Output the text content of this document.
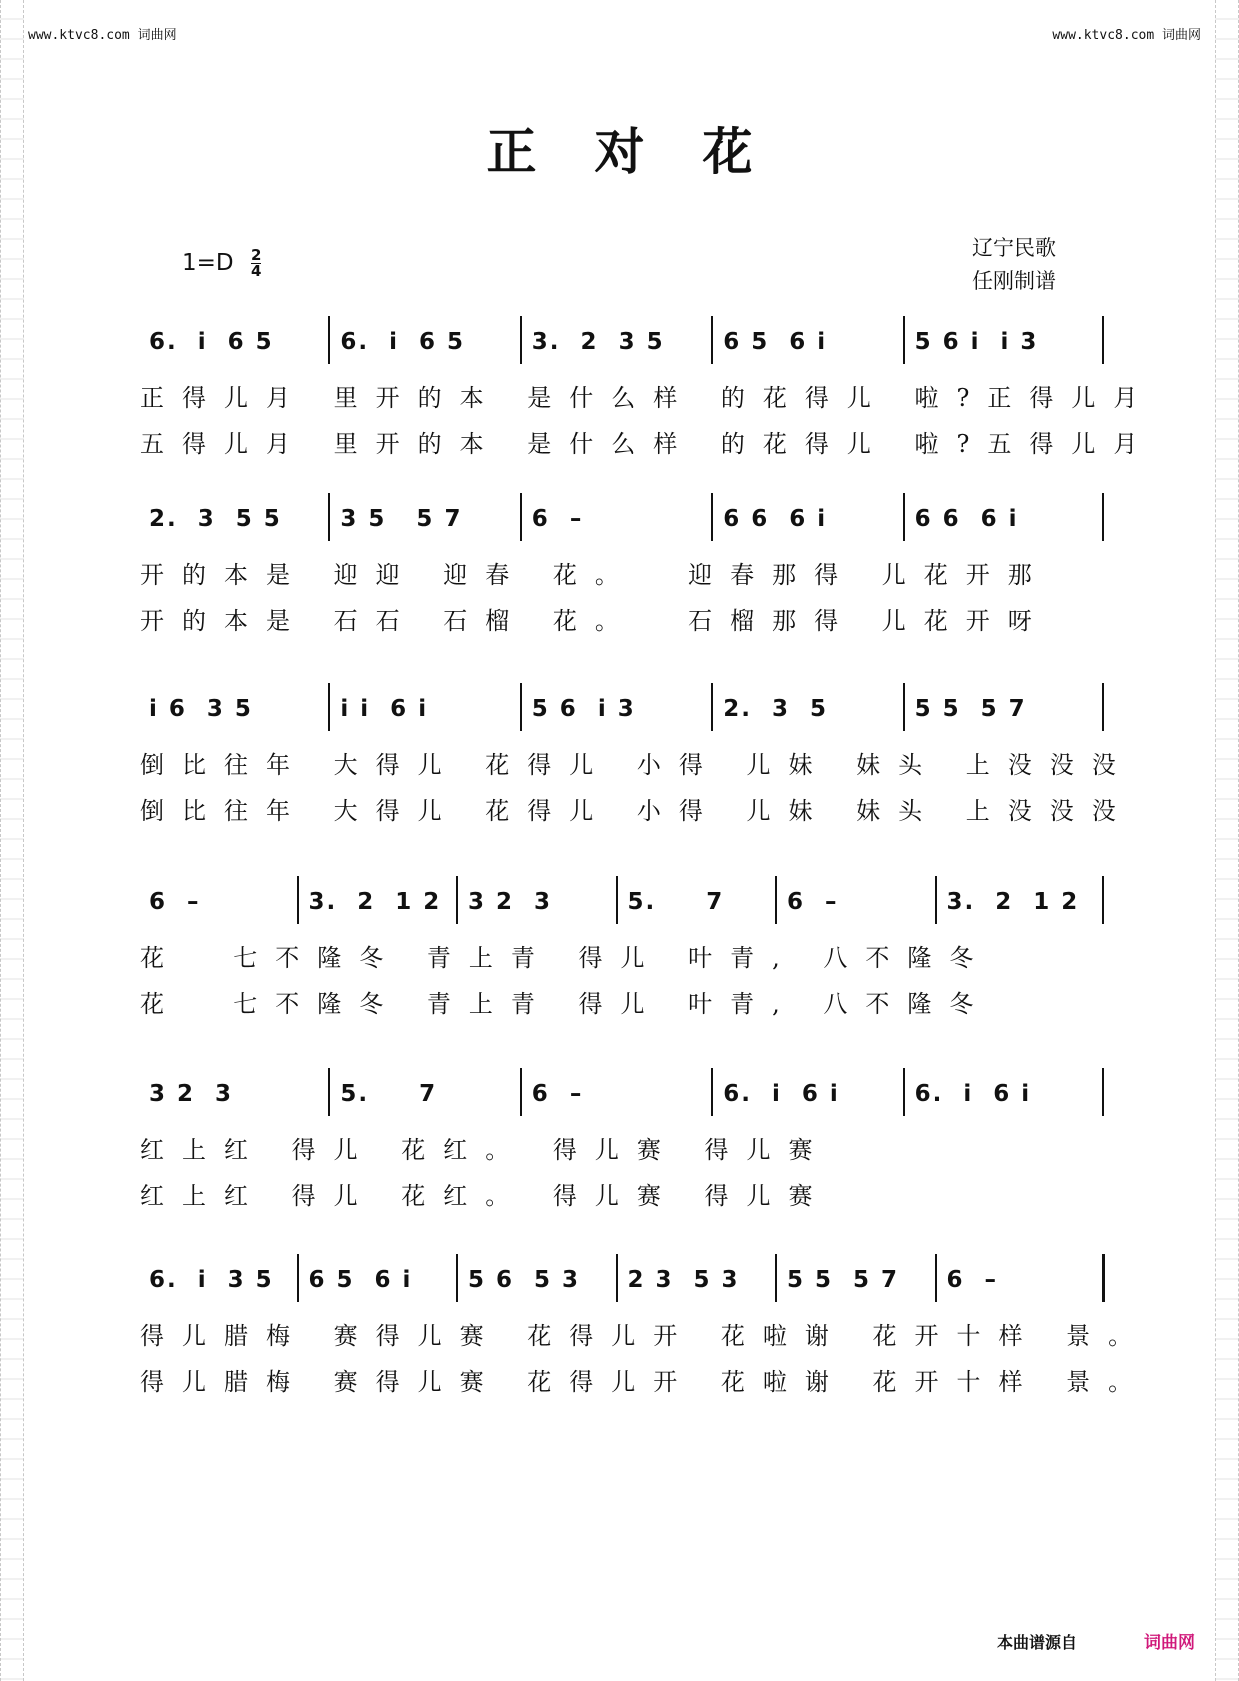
www.ktvc8.com 词曲网	www.ktvc8.com 词曲网
正对花
$1=D \frac{2}{4}$	辽宁民歌
任刚制谱
6.  i  6 5	6.  i  6 5	3.  2  3 5	6 5  6 i	5 6 i  i 3
正得儿月 里开的本 是什么样 的花得儿 啦?正得儿月
五得儿月 里开的本 是什么样 的花得儿 啦?五得儿月
2.  3  5 5	3 5   5 7	6  –	6 6  6 i	6 6  6 i
开的本是 迎迎 迎春 花。  迎春那得 儿花开那
开的本是 石石 石榴 花。  石榴那得 儿花开呀
i 6  3 5	i i  6 i	5 6  i 3	2.  3  5	5 5  5 7
倒比往年 大得儿 花得儿 小得 儿妹 妹头 上没没没
倒比往年 大得儿 花得儿 小得 儿妹 妹头 上没没没
6  –	3.  2  1 2	3 2  3	5.     7	6  –	3.  2  1 2
花  七不隆冬 青上青 得儿 叶青, 八不隆冬
花  七不隆冬 青上青 得儿 叶青, 八不隆冬
3 2  3	5.     7	6  –	6.  i  6 i	6.  i  6 i
红上红 得儿 花红。 得儿赛 得儿赛
红上红 得儿 花红。 得儿赛 得儿赛
6.  i  3 5	6 5  6 i	5 6  5 3	2 3  5 3	5 5  5 7	6  –
得儿腊梅 赛得儿赛 花得儿开 花啦谢 花开十样 景。
得儿腊梅 赛得儿赛 花得儿开 花啦谢 花开十样 景。
本曲谱源自	词曲网
